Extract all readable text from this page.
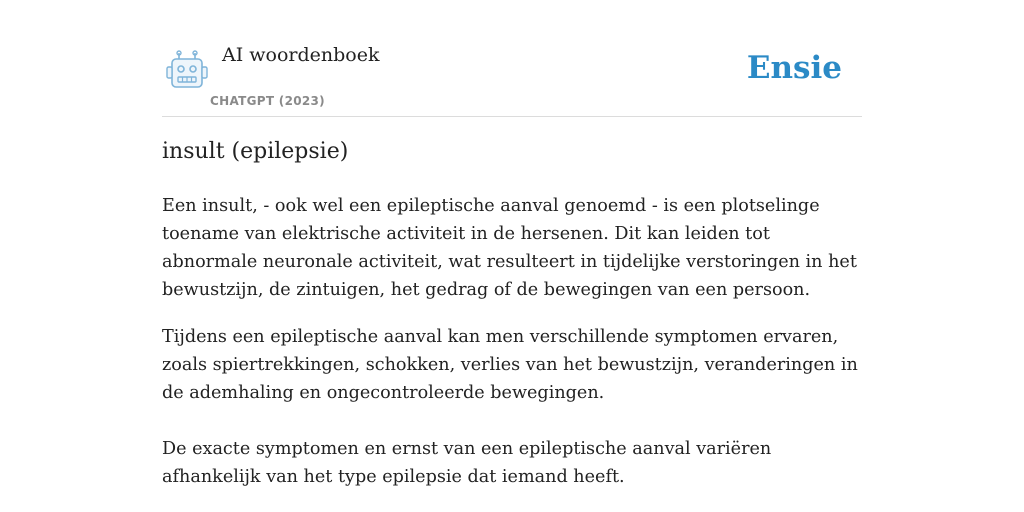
AI woordenboek
CHATGPT (2023)
Ensie
insult (epilepsie)

Een insult, - ook wel een epileptische aanval genoemd - is een plotselinge toename van elektrische activiteit in de hersenen. Dit kan leiden tot abnormale neuronale activiteit, wat resulteert in tijdelijke verstoringen in het bewustzijn, de zintuigen, het gedrag of de bewegingen van een persoon.

Tijdens een epileptische aanval kan men verschillende symptomen ervaren, zoals spiertrekkingen, schokken, verlies van het bewustzijn, veranderingen in de ademhaling en ongecontroleerde bewegingen.

De exacte symptomen en ernst van een epileptische aanval variëren afhankelijk van het type epilepsie dat iemand heeft.
